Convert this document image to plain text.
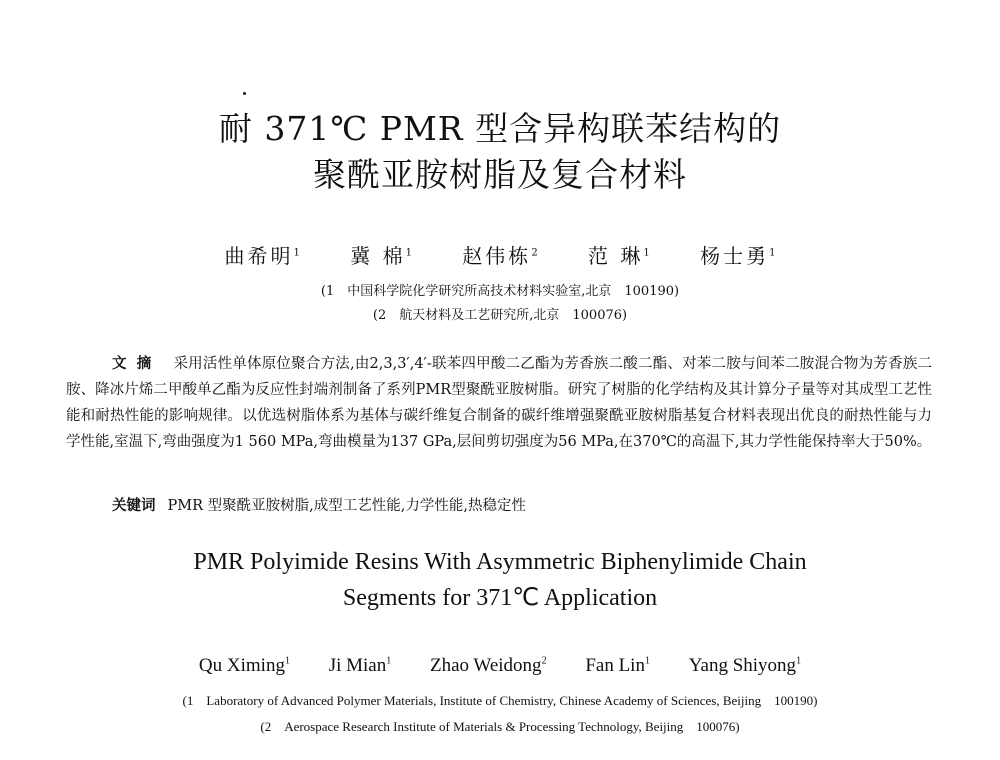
耐 371℃ PMR 型含异构联苯结构的
聚酰亚胺树脂及复合材料
曲希明$^1$	冀 棉$^1$	赵伟栋$^2$	范 琳$^1$	杨士勇$^1$
(1　中国科学院化学研究所高技术材料实验室,北京　100190)
(2　航天材料及工艺研究所,北京　100076)
文摘 采用活性单体原位聚合方法,由2,3,3′,4′-联苯四甲酸二乙酯为芳香族二酸二酯、对苯二胺与间苯二胺混合物为芳香族二胺、降冰片烯二甲酸单乙酯为反应性封端剂制备了系列PMR型聚酰亚胺树脂。研究了树脂的化学结构及其计算分子量等对其成型工艺性能和耐热性能的影响规律。以优选树脂体系为基体与碳纤维复合制备的碳纤维增强聚酰亚胺树脂基复合材料表现出优良的耐热性能与力学性能,室温下,弯曲强度为1 560 MPa,弯曲模量为137 GPa,层间剪切强度为56 MPa,在370℃的高温下,其力学性能保持率大于50%。
关键词 PMR 型聚酰亚胺树脂,成型工艺性能,力学性能,热稳定性
PMR Polyimide Resins With Asymmetric Biphenylimide Chain
Segments for 371℃ Application
Qu Ximing$^1$ Ji Mian$^1$ Zhao Weidong$^2$ Fan Lin$^1$ Yang Shiyong$^1$
(1　Laboratory of Advanced Polymer Materials, Institute of Chemistry, Chinese Academy of Sciences, Beijing　100190)
(2　Aerospace Research Institute of Materials & Processing Technology, Beijing　100076)
